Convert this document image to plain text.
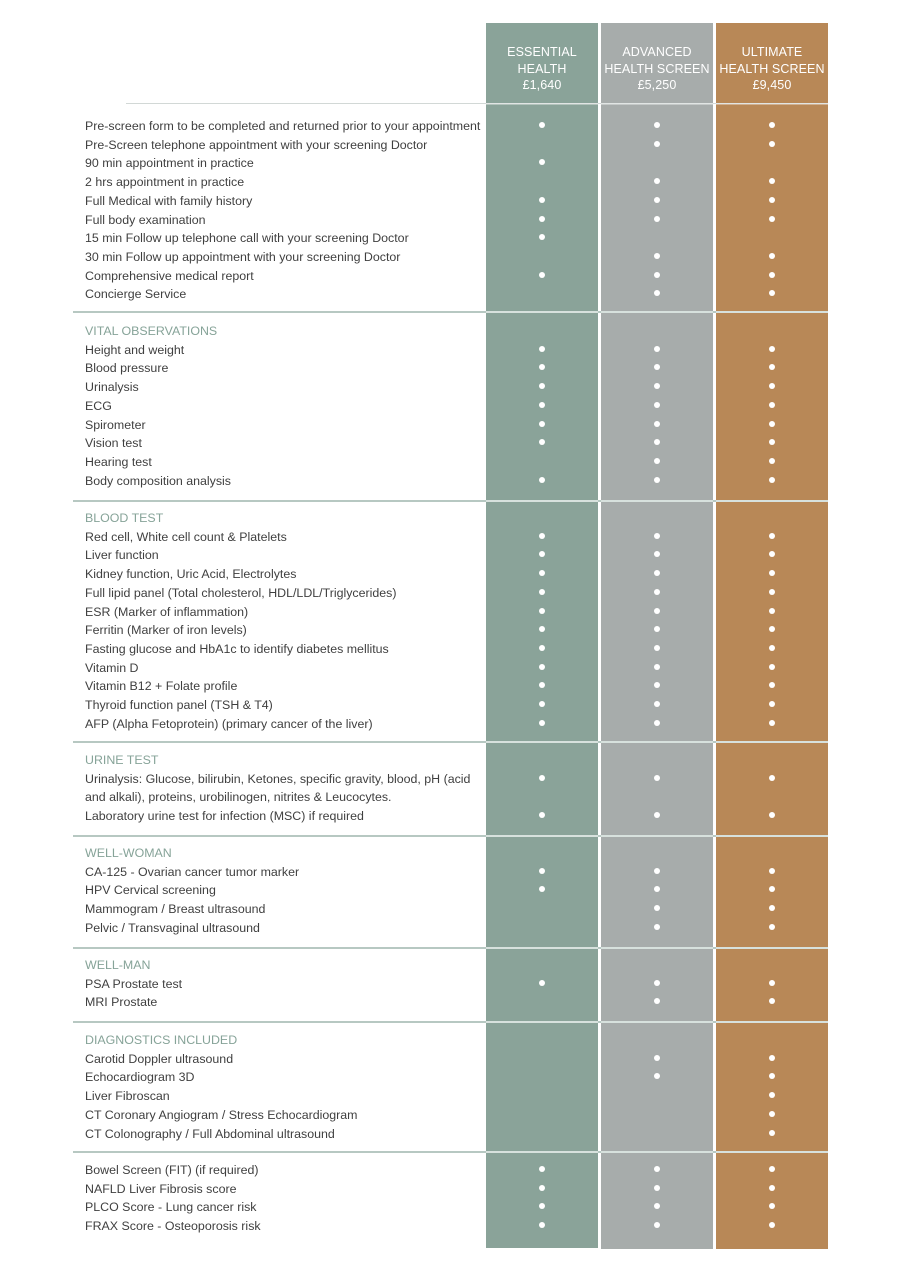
ESSENTIAL
HEALTH
£1,640
ADVANCED
HEALTH SCREEN
£5,250
ULTIMATE
HEALTH SCREEN
£9,450
Pre-screen form to be completed and returned prior to your appointment
Pre-Screen telephone appointment with your screening Doctor
90 min appointment in practice
2 hrs appointment in practice
Full Medical with family history
Full body examination
15 min Follow up telephone call with your screening Doctor
30 min Follow up appointment with your screening Doctor
Comprehensive medical report
Concierge Service
VITAL OBSERVATIONS
Height and weight
Blood pressure
Urinalysis
ECG
Spirometer
Vision test
Hearing test
Body composition analysis
BLOOD TEST
Red cell, White cell count & Platelets
Liver function
Kidney function, Uric Acid, Electrolytes
Full lipid panel (Total cholesterol, HDL/LDL/Triglycerides)
ESR (Marker of inflammation)
Ferritin (Marker of iron levels)
Fasting glucose and HbA1c to identify diabetes mellitus
Vitamin D
Vitamin B12 + Folate profile
Thyroid function panel (TSH & T4)
AFP (Alpha Fetoprotein) (primary cancer of the liver)
URINE TEST
Urinalysis: Glucose, bilirubin, Ketones, specific gravity, blood, pH (acid
and alkali), proteins, urobilinogen, nitrites & Leucocytes.
Laboratory urine test for infection (MSC) if required
WELL-WOMAN
CA-125 - Ovarian cancer tumor marker
HPV Cervical screening
Mammogram / Breast ultrasound
Pelvic / Transvaginal ultrasound
WELL-MAN
PSA Prostate test
MRI Prostate
DIAGNOSTICS INCLUDED
Carotid Doppler ultrasound
Echocardiogram 3D
Liver Fibroscan
CT Coronary Angiogram / Stress Echocardiogram
CT Colonography / Full Abdominal ultrasound
Bowel Screen (FIT) (if required)
NAFLD Liver Fibrosis score
PLCO Score - Lung cancer risk
FRAX Score - Osteoporosis risk
